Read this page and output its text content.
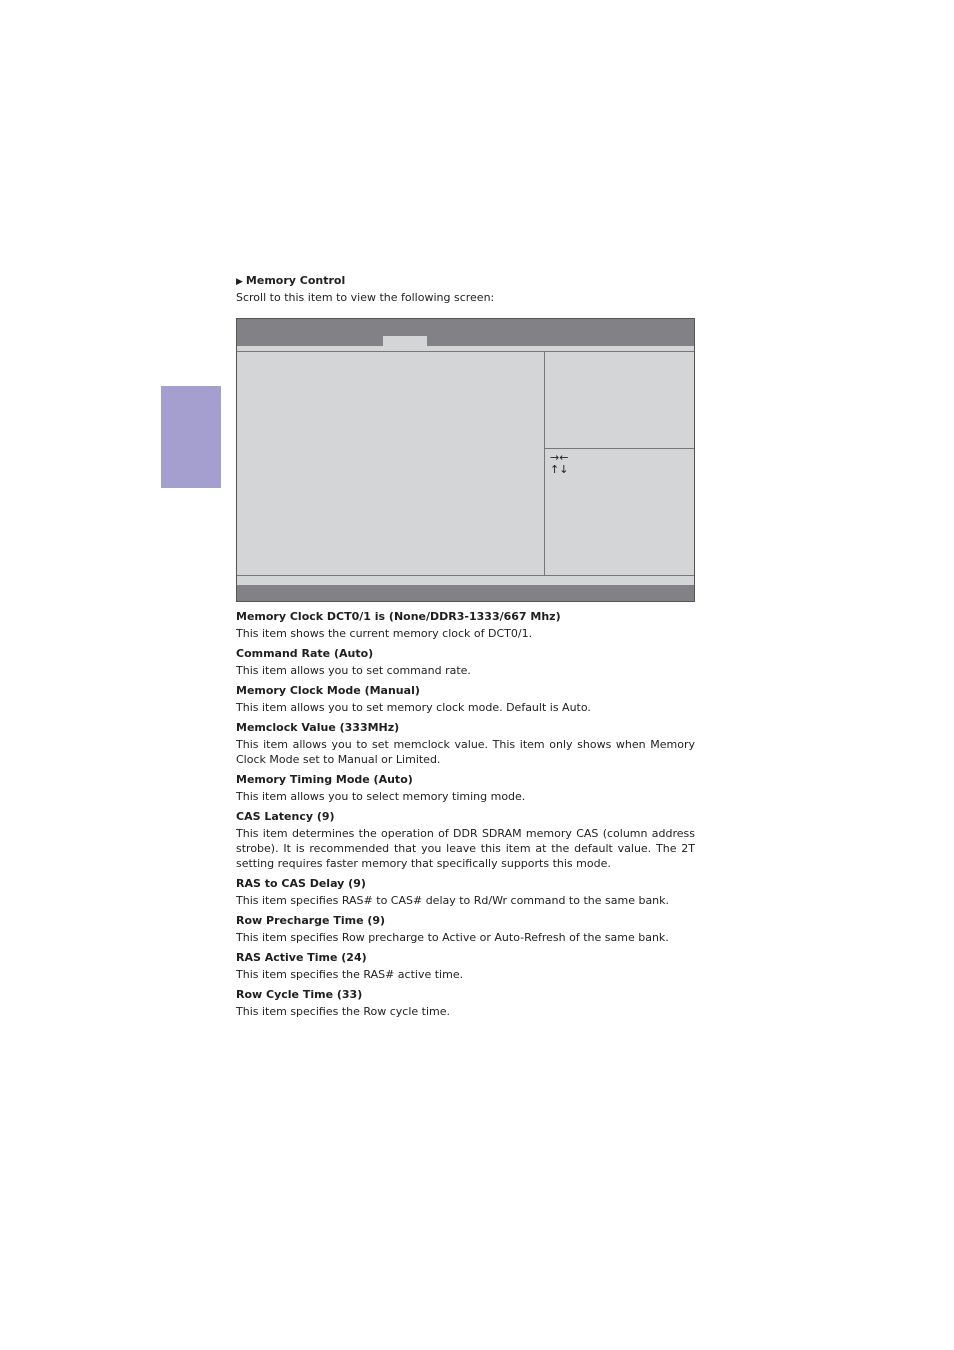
▶ Memory Control
Scroll to this item to view the following screen:
→←
↑↓
Memory Clock DCT0/1 is (None/DDR3-1333/667 Mhz)
This item shows the current memory clock of DCT0/1.
Command Rate (Auto)
This item allows you to set command rate.
Memory Clock Mode (Manual)
This item allows you to set memory clock mode. Default is Auto.
Memclock Value (333MHz)
This item allows you to set memclock value. This item only shows when Memory Clock Mode set to Manual or Limited.
Memory Timing Mode (Auto)
This item allows you to select memory timing mode.
CAS Latency (9)
This item determines the operation of DDR SDRAM memory CAS (column address strobe). It is recommended that you leave this item at the default value. The 2T setting requires faster memory that specifically supports this mode.
RAS to CAS Delay (9)
This item specifies RAS# to CAS# delay to Rd/Wr command to the same bank.
Row Precharge Time (9)
This item specifies Row precharge to Active or Auto-Refresh of the same bank.
RAS Active Time (24)
This item specifies the RAS# active time.
Row Cycle Time (33)
This item specifies the Row cycle time.
